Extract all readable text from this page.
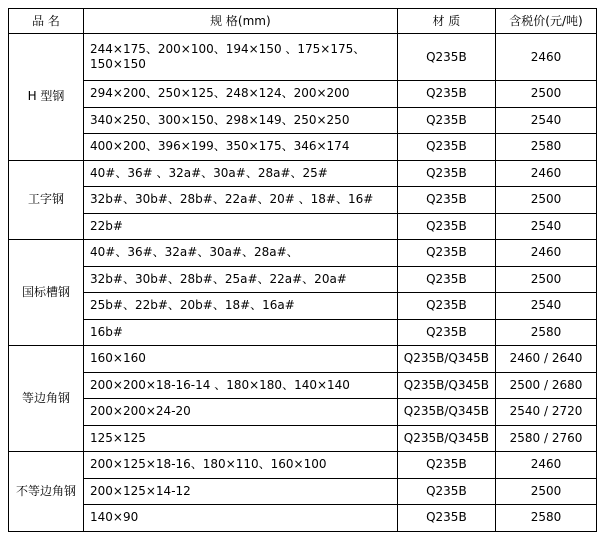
品 名	规 格(mm)	材 质	含税价(元/吨)
H 型钢	244×175、200×100、194×150 、175×175、150×150	Q235B	2460
	294×200、250×125、248×124、200×200	Q235B	2500
	340×250、300×150、298×149、250×250	Q235B	2540
	400×200、396×199、350×175、346×174	Q235B	2580
工字钢	40#、36# 、32a#、30a#、28a#、25#	Q235B	2460
	32b#、30b#、28b#、22a#、20# 、18#、16#	Q235B	2500
	22b#	Q235B	2540
国标槽钢	40#、36#、32a#、30a#、28a#、	Q235B	2460
	32b#、30b#、28b#、25a#、22a#、20a#	Q235B	2500
	25b#、22b#、20b#、18#、16a#	Q235B	2540
	16b#	Q235B	2580
等边角钢	160×160	Q235B/Q345B	2460 / 2640
	200×200×18-16-14 、180×180、140×140	Q235B/Q345B	2500 / 2680
	200×200×24-20	Q235B/Q345B	2540 / 2720
	125×125	Q235B/Q345B	2580 / 2760
不等边角钢	200×125×18-16、180×110、160×100	Q235B	2460
	200×125×14-12	Q235B	2500
	140×90	Q235B	2580
